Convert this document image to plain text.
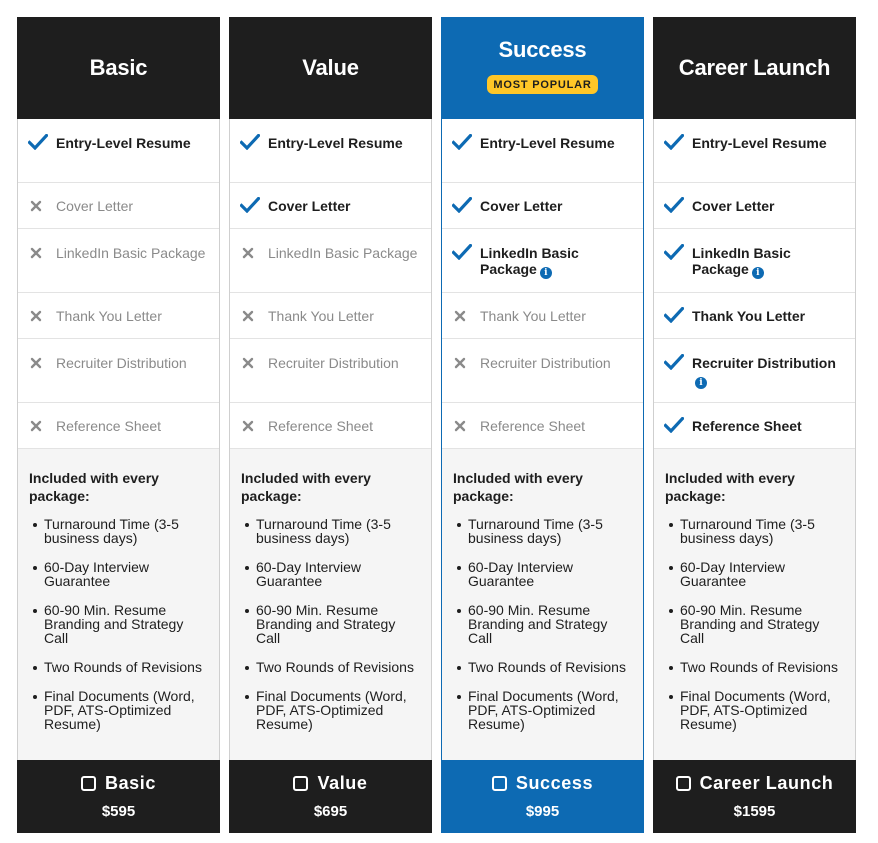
Basic
Entry-Level Resume
Cover Letter
LinkedIn Basic Package
Thank You Letter
Recruiter Distribution
Reference Sheet
Included with every package:
Turnaround Time (3-5 business days)
60-Day Interview Guarantee
60-90 Min. Resume Branding and Strategy Call
Two Rounds of Revisions
Final Documents (Word, PDF, ATS-Optimized Resume)
Basic
$595
Value
Entry-Level Resume
Cover Letter
LinkedIn Basic Package
Thank You Letter
Recruiter Distribution
Reference Sheet
Included with every package:
Turnaround Time (3-5 business days)
60-Day Interview Guarantee
60-90 Min. Resume Branding and Strategy Call
Two Rounds of Revisions
Final Documents (Word, PDF, ATS-Optimized Resume)
Value
$695
Success
MOST POPULAR
Entry-Level Resume
Cover Letter
LinkedIn Basic Package i
Thank You Letter
Recruiter Distribution
Reference Sheet
Included with every package:
Turnaround Time (3-5 business days)
60-Day Interview Guarantee
60-90 Min. Resume Branding and Strategy Call
Two Rounds of Revisions
Final Documents (Word, PDF, ATS-Optimized Resume)
Success
$995
Career Launch
Entry-Level Resume
Cover Letter
LinkedIn Basic Package i
Thank You Letter
Recruiter Distributioni
Reference Sheet
Included with every package:
Turnaround Time (3-5 business days)
60-Day Interview Guarantee
60-90 Min. Resume Branding and Strategy Call
Two Rounds of Revisions
Final Documents (Word, PDF, ATS-Optimized Resume)
Career Launch
$1595
